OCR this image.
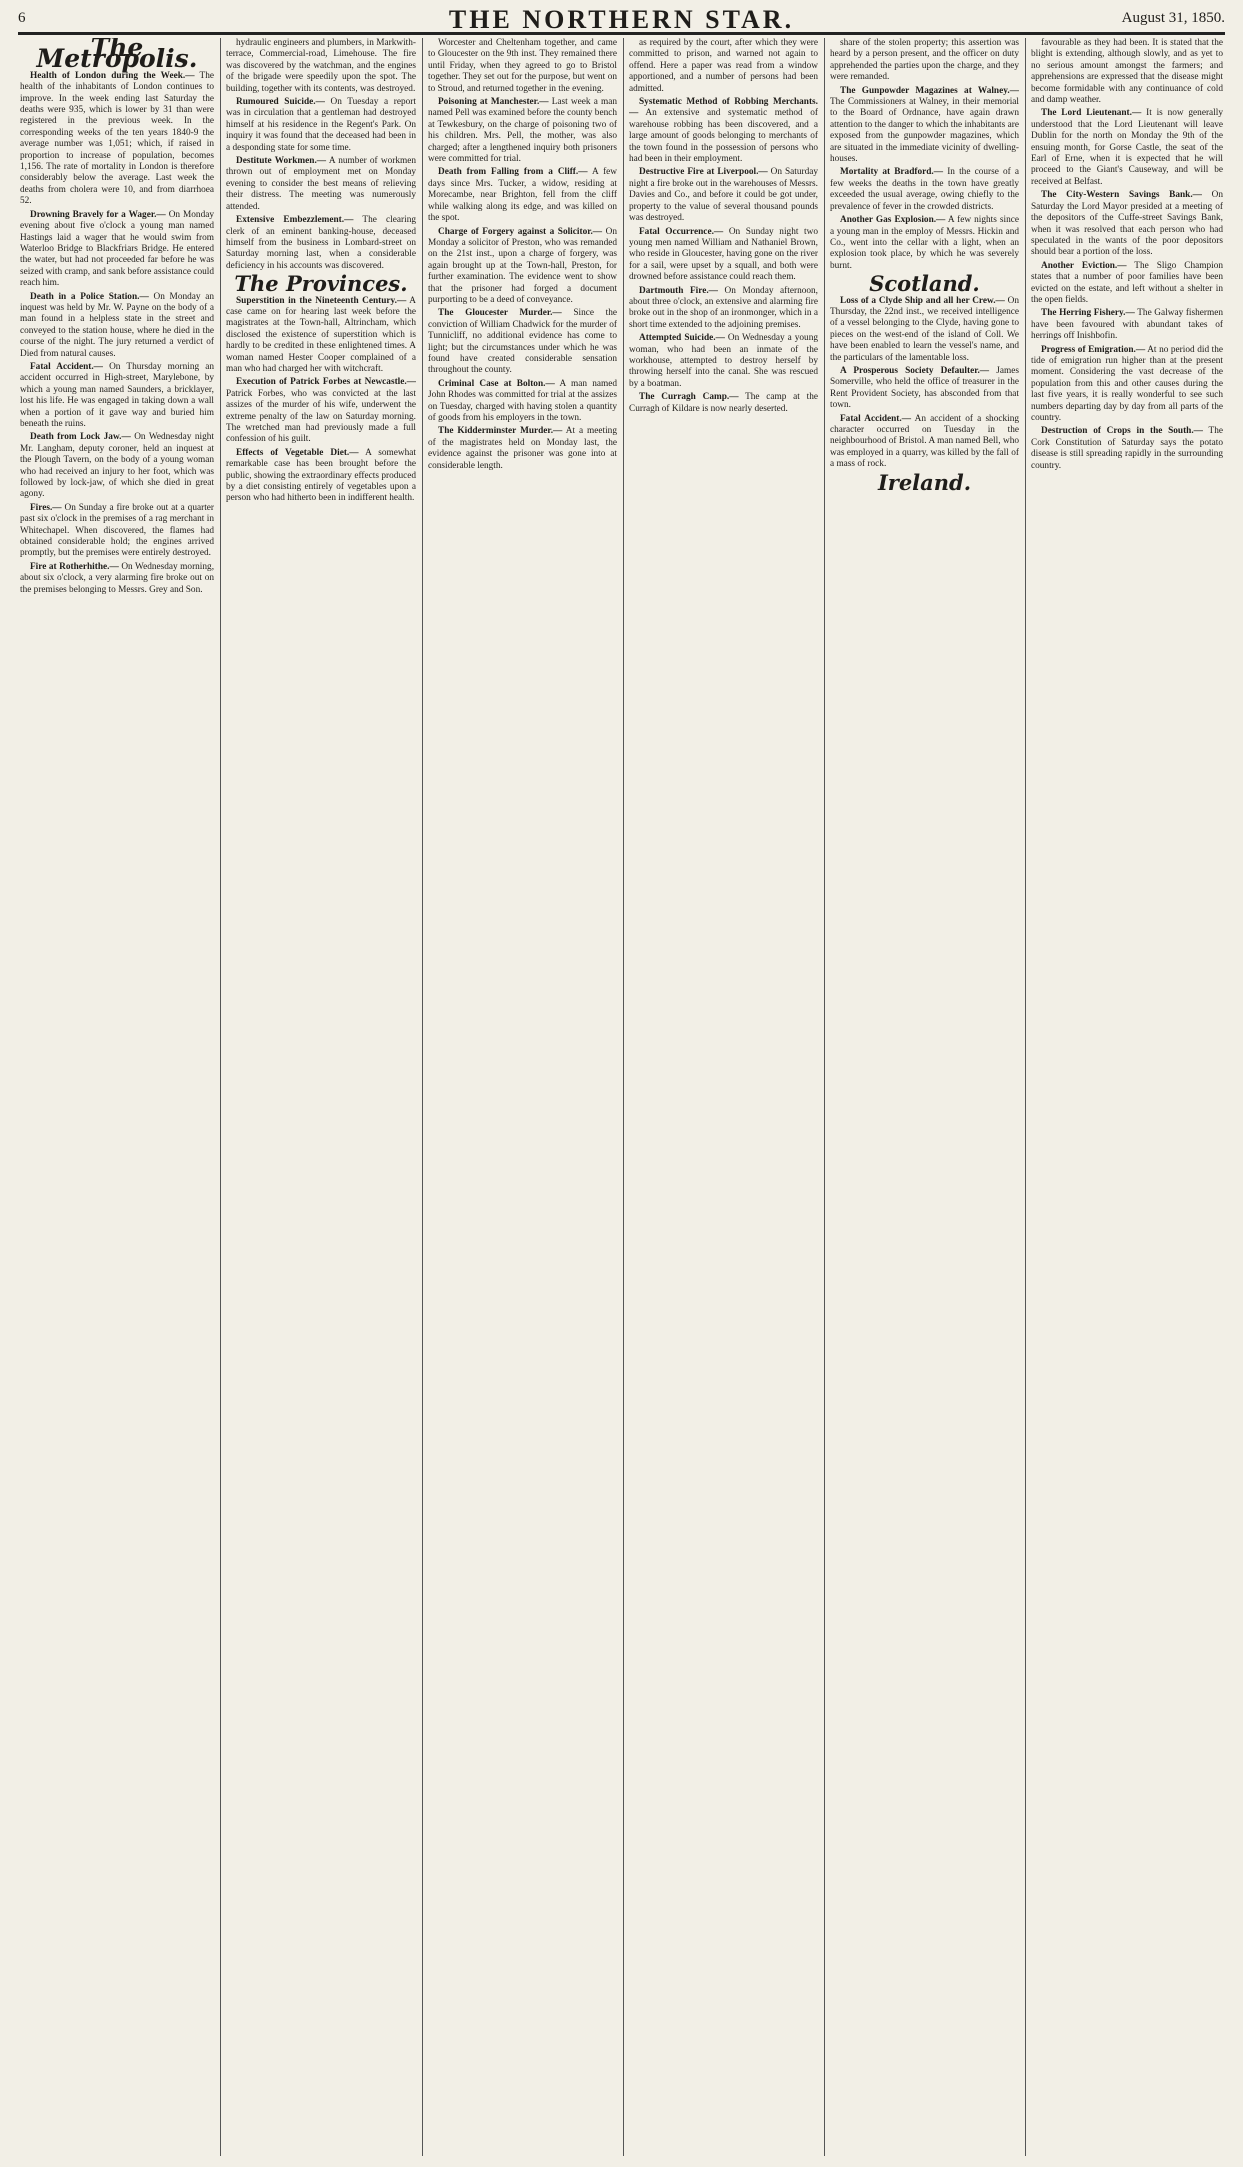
6	THE NORTHERN STAR.	August 31, 1850.
The Metropolis.

Health of London during the Week.— The health of the inhabitants of London continues to improve. In the week ending last Saturday the deaths were 935, which is lower by 31 than were registered in the previous week. In the corresponding weeks of the ten years 1840-9 the average number was 1,051; which, if raised in proportion to increase of population, becomes 1,156. The rate of mortality in London is therefore considerably below the average. Last week the deaths from cholera were 10, and from diarrhoea 52.

Drowning Bravely for a Wager.— On Monday evening about five o'clock a young man named Hastings laid a wager that he would swim from Waterloo Bridge to Blackfriars Bridge. He entered the water, but had not proceeded far before he was seized with cramp, and sank before assistance could reach him.

Death in a Police Station.— On Monday an inquest was held by Mr. W. Payne on the body of a man found in a helpless state in the street and conveyed to the station house, where he died in the course of the night. The jury returned a verdict of Died from natural causes.

Fatal Accident.— On Thursday morning an accident occurred in High-street, Marylebone, by which a young man named Saunders, a bricklayer, lost his life. He was engaged in taking down a wall when a portion of it gave way and buried him beneath the ruins.

Death from Lock Jaw.— On Wednesday night Mr. Langham, deputy coroner, held an inquest at the Plough Tavern, on the body of a young woman who had received an injury to her foot, which was followed by lock-jaw, of which she died in great agony.

Fires.— On Sunday a fire broke out at a quarter past six o'clock in the premises of a rag merchant in Whitechapel. When discovered, the flames had obtained considerable hold; the engines arrived promptly, but the premises were entirely destroyed.

Fire at Rotherhithe.— On Wednesday morning, about six o'clock, a very alarming fire broke out on the premises belonging to Messrs. Grey and Son.

hydraulic engineers and plumbers, in Markwith-terrace, Commercial-road, Limehouse. The fire was discovered by the watchman, and the engines of the brigade were speedily upon the spot. The building, together with its contents, was destroyed.

Rumoured Suicide.— On Tuesday a report was in circulation that a gentleman had destroyed himself at his residence in the Regent's Park. On inquiry it was found that the deceased had been in a desponding state for some time.

Destitute Workmen.— A number of workmen thrown out of employment met on Monday evening to consider the best means of relieving their distress. The meeting was numerously attended.

Extensive Embezzlement.— The clearing clerk of an eminent banking-house, deceased himself from the business in Lombard-street on Saturday morning last, when a considerable deficiency in his accounts was discovered.

The Provinces.

Superstition in the Nineteenth Century.— A case came on for hearing last week before the magistrates at the Town-hall, Altrincham, which disclosed the existence of superstition which is hardly to be credited in these enlightened times. A woman named Hester Cooper complained of a man who had charged her with witchcraft.

Execution of Patrick Forbes at Newcastle.— Patrick Forbes, who was convicted at the last assizes of the murder of his wife, underwent the extreme penalty of the law on Saturday morning. The wretched man had previously made a full confession of his guilt.

Effects of Vegetable Diet.— A somewhat remarkable case has been brought before the public, showing the extraordinary effects produced by a diet consisting entirely of vegetables upon a person who had hitherto been in indifferent health.

Worcester and Cheltenham together, and came to Gloucester on the 9th inst. They remained there until Friday, when they agreed to go to Bristol together. They set out for the purpose, but went on to Stroud, and returned together in the evening.

Poisoning at Manchester.— Last week a man named Pell was examined before the county bench at Tewkesbury, on the charge of poisoning two of his children. Mrs. Pell, the mother, was also charged; after a lengthened inquiry both prisoners were committed for trial.

Death from Falling from a Cliff.— A few days since Mrs. Tucker, a widow, residing at Morecambe, near Brighton, fell from the cliff while walking along its edge, and was killed on the spot.

Charge of Forgery against a Solicitor.— On Monday a solicitor of Preston, who was remanded on the 21st inst., upon a charge of forgery, was again brought up at the Town-hall, Preston, for further examination. The evidence went to show that the prisoner had forged a document purporting to be a deed of conveyance.

The Gloucester Murder.— Since the conviction of William Chadwick for the murder of Tunnicliff, no additional evidence has come to light; but the circumstances under which he was found have created considerable sensation throughout the county.

Criminal Case at Bolton.— A man named John Rhodes was committed for trial at the assizes on Tuesday, charged with having stolen a quantity of goods from his employers in the town.

The Kidderminster Murder.— At a meeting of the magistrates held on Monday last, the evidence against the prisoner was gone into at considerable length.

as required by the court, after which they were committed to prison, and warned not again to offend. Here a paper was read from a window apportioned, and a number of persons had been admitted.

Systematic Method of Robbing Merchants.— An extensive and systematic method of warehouse robbing has been discovered, and a large amount of goods belonging to merchants of the town found in the possession of persons who had been in their employment.

Destructive Fire at Liverpool.— On Saturday night a fire broke out in the warehouses of Messrs. Davies and Co., and before it could be got under, property to the value of several thousand pounds was destroyed.

Fatal Occurrence.— On Sunday night two young men named William and Nathaniel Brown, who reside in Gloucester, having gone on the river for a sail, were upset by a squall, and both were drowned before assistance could reach them.

Dartmouth Fire.— On Monday afternoon, about three o'clock, an extensive and alarming fire broke out in the shop of an ironmonger, which in a short time extended to the adjoining premises.

Attempted Suicide.— On Wednesday a young woman, who had been an inmate of the workhouse, attempted to destroy herself by throwing herself into the canal. She was rescued by a boatman.

The Curragh Camp.— The camp at the Curragh of Kildare is now nearly deserted.

share of the stolen property; this assertion was heard by a person present, and the officer on duty apprehended the parties upon the charge, and they were remanded.

The Gunpowder Magazines at Walney.— The Commissioners at Walney, in their memorial to the Board of Ordnance, have again drawn attention to the danger to which the inhabitants are exposed from the gunpowder magazines, which are situated in the immediate vicinity of dwelling-houses.

Mortality at Bradford.— In the course of a few weeks the deaths in the town have greatly exceeded the usual average, owing chiefly to the prevalence of fever in the crowded districts.

Another Gas Explosion.— A few nights since a young man in the employ of Messrs. Hickin and Co., went into the cellar with a light, when an explosion took place, by which he was severely burnt.

Scotland.

Loss of a Clyde Ship and all her Crew.— On Thursday, the 22nd inst., we received intelligence of a vessel belonging to the Clyde, having gone to pieces on the west-end of the island of Coll. We have been enabled to learn the vessel's name, and the particulars of the lamentable loss.

A Prosperous Society Defaulter.— James Somerville, who held the office of treasurer in the Rent Provident Society, has absconded from that town.

Fatal Accident.— An accident of a shocking character occurred on Tuesday in the neighbourhood of Bristol. A man named Bell, who was employed in a quarry, was killed by the fall of a mass of rock.

Ireland.

favourable as they had been. It is stated that the blight is extending, although slowly, and as yet to no serious amount amongst the farmers; and apprehensions are expressed that the disease might become formidable with any continuance of cold and damp weather.

The Lord Lieutenant.— It is now generally understood that the Lord Lieutenant will leave Dublin for the north on Monday the 9th of the ensuing month, for Gorse Castle, the seat of the Earl of Erne, when it is expected that he will proceed to the Giant's Causeway, and will be received at Belfast.

The City-Western Savings Bank.— On Saturday the Lord Mayor presided at a meeting of the depositors of the Cuffe-street Savings Bank, when it was resolved that each person who had speculated in the wants of the poor depositors should bear a portion of the loss.

Another Eviction.— The Sligo Champion states that a number of poor families have been evicted on the estate, and left without a shelter in the open fields.

The Herring Fishery.— The Galway fishermen have been favoured with abundant takes of herrings off Inishbofin.

Progress of Emigration.— At no period did the tide of emigration run higher than at the present moment. Considering the vast decrease of the population from this and other causes during the last five years, it is really wonderful to see such numbers departing day by day from all parts of the country.

Destruction of Crops in the South.— The Cork Constitution of Saturday says the potato disease is still spreading rapidly in the surrounding country.
